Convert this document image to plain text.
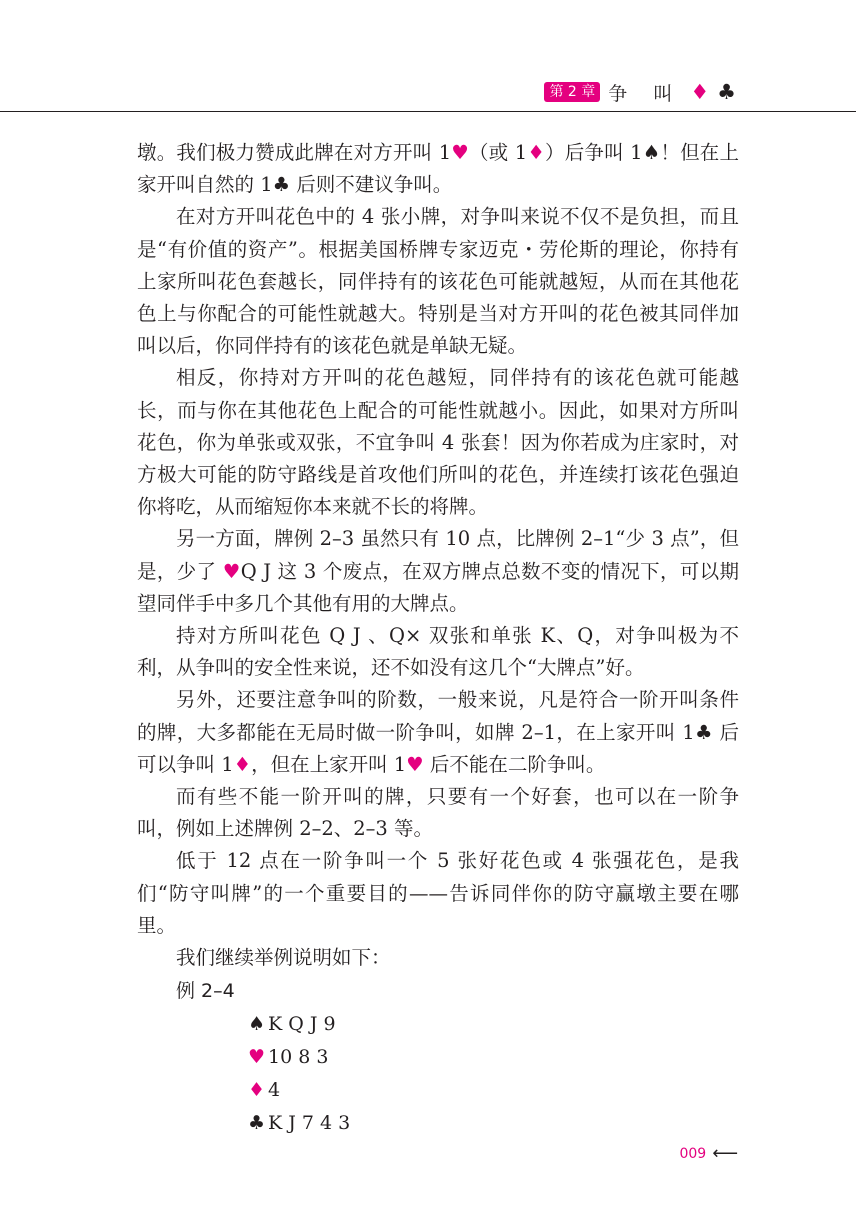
第 2 章 争 叫 ♦ ♣

墩。我们极力赞成此牌在对方开叫 1♥（或 1♦）后争叫 1♠！但在上家开叫自然的 1♣ 后则不建议争叫。

在对方开叫花色中的 4 张小牌，对争叫来说不仅不是负担，而且是“有价值的资产”。根据美国桥牌专家迈克・劳伦斯的理论，你持有上家所叫花色套越长，同伴持有的该花色可能就越短，从而在其他花色上与你配合的可能性就越大。特别是当对方开叫的花色被其同伴加叫以后，你同伴持有的该花色就是单缺无疑。

相反，你持对方开叫的花色越短，同伴持有的该花色就可能越长，而与你在其他花色上配合的可能性就越小。因此，如果对方所叫花色，你为单张或双张，不宜争叫 4 张套！因为你若成为庄家时，对方极大可能的防守路线是首攻他们所叫的花色，并连续打该花色强迫你将吃，从而缩短你本来就不长的将牌。

另一方面，牌例 2–3 虽然只有 10 点，比牌例 2–1“少 3 点”，但是，少了 ♥Q J 这 3 个废点，在双方牌点总数不变的情况下，可以期望同伴手中多几个其他有用的大牌点。

持对方所叫花色 Q J 、Q× 双张和单张 K、Q，对争叫极为不利，从争叫的安全性来说，还不如没有这几个“大牌点”好。

另外，还要注意争叫的阶数，一般来说，凡是符合一阶开叫条件的牌，大多都能在无局时做一阶争叫，如牌 2–1，在上家开叫 1♣ 后可以争叫 1♦，但在上家开叫 1♥ 后不能在二阶争叫。

而有些不能一阶开叫的牌，只要有一个好套，也可以在一阶争叫，例如上述牌例 2–2、2–3 等。

低于 12 点在一阶争叫一个 5 张好花色或 4 张强花色，是我们“防守叫牌”的一个重要目的——告诉同伴你的防守赢墩主要在哪里。

我们继续举例说明如下：

例 2–4
♠ K Q J 9
♥ 10 8 3
♦ 4
♣ K J 7 4 3
009 ⟵
